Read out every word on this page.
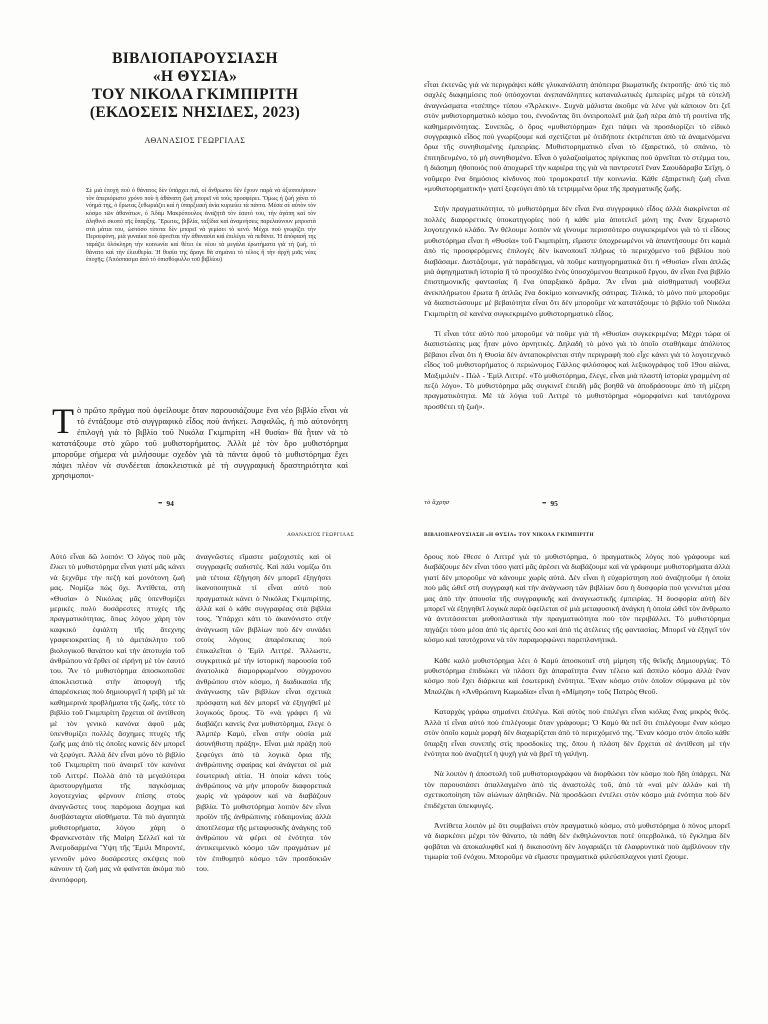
ΒΙΒΛΙΟΠΑΡΟΥΣΙΑΣΗ
«Η ΘΥΣΙΑ»
ΤΟΥ ΝΙΚΟΛΑ ΓΚΙΜΠΙΡΙΤΗ
(ΕΚΔΟΣΕΙΣ ΝΗΣΙΔΕΣ, 2023)
ΑΘΑΝΑΣΙΟΣ ΓΕΩΡΓΙΛΑΣ

Σὲ μιὰ ἐποχὴ ποὺ ὁ θάνατος δὲν ὑπάρχει πιά, οἱ ἄνθρωποι δὲν ἔχουν παρὰ νὰ ἀξιοποιήσουν τὸν ἀπεριόριστο χρόνο ποὺ ἡ ἀθάνατη ζωὴ μπορεῖ νὰ τοὺς προσφέρει. Ὅμως ἡ ζωὴ χάνει τὸ νόημά της, ὁ ἔρωτας ξεθωριάζει καὶ ἡ ὑπαρξιακὴ ἀνία κυριεύει τὰ πάντα. Μέσα σὲ αὐτὸν τὸν κόσμο τῶν ἀθανάτων, ὁ Ἀδὰμ Μακρόπουλος ἀναζητᾶ τὸν ἑαυτό του, τὴν ἀγάπη καὶ τὸν ἀληθινὸ σκοπὸ τῆς ὕπαρξης. Ἔρωτες, βιβλία, ταξίδια καὶ ἀναμνήσεις παρελαύνουν μπροστὰ στὰ μάτια του, ὡστόσο τίποτα δὲν μπορεῖ νὰ γεμίσει τὸ κενό. Μέχρι ποὺ γνωρίζει τὴν Περσεφόνη, μιὰ γυναίκα ποὺ ἀρνεῖται τὴν ἀθανασία καὶ ἐπιλέγει νὰ πεθάνει. Ἡ ἀπόφασή της ταράζει ὁλόκληρη τὴν κοινωνία καὶ θέτει ἐκ νέου τὰ μεγάλα ἐρωτήματα γιὰ τὴ ζωή, τὸ θάνατο καὶ τὴν ἐλευθερία. Ἡ θυσία της ἄραγε θὰ σημάνει τὸ τέλος ἢ τὴν ἀρχὴ μιᾶς νέας ἐποχῆς; (Ἀπόσπασμα ἀπὸ τὸ ὀπισθόφυλλο τοῦ βιβλίου)

Τὸ πρῶτο πρᾶγμα ποὺ ὀφείλουμε ὅταν παρουσιάζουμε ἕνα νέο βιβλίο εἶναι νὰ τὸ ἐντάξουμε στὸ συγγραφικὸ εἶδος ποὺ ἀνήκει. Ἀσφαλῶς, ἡ πιὸ αὐτονόητη ἐπιλογὴ γιὰ τὸ βιβλίο τοῦ Νικόλα Γκιμπιρίτη «Η θυσία» θὰ ἦταν νὰ τὸ κατατάξουμε στὸ χῶρο τοῦ μυθιστορήματος. Ἀλλὰ μὲ τὸν ὅρο μυθιστόρημα μποροῦμε σήμερα νὰ μιλήσουμε σχεδὸν γιὰ τὰ πάντα ἀφοῦ τὸ μυθιστόρημα ἔχει πάψει πλέον νὰ συνδέεται ἀποκλειστικὰ μὲ τὴ συγγραφικὴ δραστηριότητα καὶ χρησιμοποι-

••• 94

εἶται ἐκτενῶς γιὰ νὰ περιγράψει κάθε γλυκανάλατη ἀπόπειρα βιωματικῆς ἐκτροπῆς· ἀπὸ τὶς πιὸ σαχλὲς διαφημίσεις ποὺ ὑπόσχονται ἀνεπανάληπτες καταναλωτικὲς ἐμπειρίες μέχρι τὰ εὐτελῆ ἀναγνώσματα «τσέπης» τύπου «Ἅρλεκιν». Συχνὰ μάλιστα ἀκοῦμε νὰ λένε γιὰ κάποιον ὅτι ζεῖ στὸν μυθιστορηματικὸ κόσμο του, ἐννοῶντας ὅτι ὀνειροπολεῖ μιὰ ζωὴ πέρα ἀπὸ τὴ ρουτίνα τῆς καθημερινότητας. Συνεπῶς, ὁ ὅρος «μυθιστόρημα» ἔχει πάψει νὰ προσδιορίζει τὸ εἰδικὸ συγγραφικὸ εἶδος ποὺ γνωρίζουμε καὶ σχετίζεται μὲ ὁτιδήποτε ἐκτρέπεται ἀπὸ τὰ ἀναμενόμενα ὅρια τῆς συνηθισμένης ἐμπειρίας. Μυθιστορηματικὸ εἶναι τὸ ἐξαιρετικό, τὸ σπάνιο, τὸ ἐπιτηδευμένο, τὸ μὴ συνηθισμένο. Εἶναι ὁ γαλαζοαίματος πρίγκιπας ποὺ ἀρνεῖται τὸ στέμμα του, ἡ διάσημη ἠθοποιὸς ποὺ ἀποχωρεῖ τὴν καριέρα της γιὰ νὰ παντρευτεῖ ἕναν Σαουδάραβα Σεΐχη, ὁ νοῦμερο ἕνα δημόσιος κίνδυνος ποὺ τρομοκρατεῖ τὴν κοινωνία. Κάθε ἐξαιρετικὴ ζωὴ εἶναι «μυθιστορηματική» γιατί ξεφεύγει ἀπὸ τὰ τετριμμένα ὅρια τῆς πραγματικῆς ζωῆς.

Στὴν πραγματικότητα, τὸ μυθιστόρημα δὲν εἶναι ἕνα συγγραφικὸ εἶδος ἀλλὰ διακρίνεται σὲ πολλὲς διαφορετικὲς ὑποκατηγορίες ποὺ ἡ κάθε μία ἀποτελεῖ μόνη της ἕναν ξεχωριστὸ λογοτεχνικὸ κλάδο. Ἂν θέλουμε λοιπὸν νὰ γίνουμε περισσότερο συγκεκριμένοι γιὰ τὸ τί εἶδους μυθιστόρημα εἶναι ἡ «Θυσία» τοῦ Γκιμπιρίτη, εἴμαστε ὑποχρεωμένοι νὰ ἀπαντήσουμε ὅτι καμιὰ ἀπὸ τὶς προσφερόμενες ἐπιλογὲς δὲν ἱκανοποιεῖ πλήρως τὸ περιεχόμενο τοῦ βιβλίου ποὺ διαβάσαμε. Διστάζουμε, γιὰ παράδειγμα, νὰ ποῦμε κατηγορηματικὰ ὅτι ἡ «Θυσία» εἶναι ἁπλῶς μιὰ ἀφηγηματικὴ ἱστορία ἢ τὸ προσχέδιο ἑνὸς ὑποσχόμενου θεατρικοῦ ἔργου, ἂν εἶναι ἕνα βιβλίο ἐπιστημονικῆς φαντασίας ἢ ἕνα ὑπαρξιακὸ δρᾶμα. Ἂν εἶναι μιὰ αἰσθηματικὴ νουβέλα ἀνεκπλήρωτου ἔρωτα ἢ ἁπλῶς ἕνα δοκίμιο κοινωνικῆς σάτιρας. Τελικά, τὸ μόνο ποὺ μποροῦμε νὰ διαπιστώσουμε μὲ βεβαιότητα εἶναι ὅτι δὲν μποροῦμε νὰ κατατάξουμε τὸ βιβλίο τοῦ Νικόλα Γκιμπιρίτη σὲ κανένα συγκεκριμένο μυθιστορηματικὸ εἶδος.

Τί εἶναι τότε αὐτὸ ποὺ μποροῦμε νὰ ποῦμε γιὰ τὴ «Θυσία» συγκεκριμένα; Μέχρι τώρα οἱ διαπιστώσεις μας ἦταν μόνο ἀρνητικές. Δηλαδὴ τὸ μόνο γιὰ τὸ ὁποῖο σταθήκαμε ἀπόλυτος βέβαιοι εἶναι ὅτι ἡ Θυσία δὲν ἀνταποκρίνεται στὴν περιγραφὴ ποὺ εἶχε κάνει γιὰ τὸ λογοτεχνικὸ εἶδος τοῦ μυθιστορήματος ὁ περιώνυμος Γάλλος φιλόσοφος καὶ λεξικογράφος τοῦ 19ου αἰώνα, Μαξιμιλιὲν - Πὼλ - Ἐμὶλ Λιττρέ. «Τὸ μυθιστόρημα, ἔλεγε, εἶναι μιὰ πλαστὴ ἱστορία γραμμένη σὲ πεζὸ λόγο». Τὸ μυθιστόρημα μᾶς συγκινεῖ ἐπειδὴ μᾶς βοηθᾶ νὰ ἀποδράσουμε ἀπὸ τὴ μίζερη πραγματικότητα. Μὲ τὰ λόγια τοῦ Λιττρὲ τὸ μυθιστόρημα «ὁμορφαίνει καὶ ταυτόχρονα προσθέτει τὴ ζωή».

τὸ ἄχρησ	••• 95
ΑΘΑΝΑΣΙΟΣ ΓΕΩΡΓΙΛΑΣ

Αὐτὸ εἶναι δῶ λοιπόν: Ὁ λόγος ποὺ μᾶς ἕλκει τὸ μυθιστόρημα εἶναι γιατί μᾶς κάνει νὰ ξεχνᾶμε τὴν πεζὴ καὶ μονότονη ζωή μας. Νομίζω πὼς ὄχι. Ἀντίθετα, στὴ «Θυσία» ὁ Νικόλας μᾶς ὑπενθυμίζει μερικὲς πολὺ δυσάρεστες πτυχὲς τῆς πραγματικότητας, ὅπως λόγου χάρη τὸν καφκικὸ ἐφιάλτη τῆς ἄτεχνης γραφειοκρατίας ἢ τὸ ἀμετάκλητο τοῦ βιολογικοῦ θανάτου καὶ τὴν ἀποτυχία τοῦ ἀνθρώπου νὰ ἔρθει σὲ εἰρήνη μὲ τὸν ἑαυτό του. Ἂν τὸ μυθιστόρημα ἀποσκοποῦσε ἀποκλειστικὰ στὴν ἀποφυγὴ τῆς ἀπαρέσκειας ποὺ δημιουργεῖ ἡ τριβὴ μὲ τὰ καθημερινὰ προβλήματα τῆς ζωῆς, τότε τὸ βιβλίο τοῦ Γκιμπιρίτη ἔρχεται σὲ ἀντίθεση μὲ τὸν γενικὸ κανόνα ἀφοῦ μᾶς ὑπενθυμίζει πολλὲς ἄσχημες πτυχὲς τῆς ζωῆς μας ἀπὸ τὶς ὁποῖες κανεὶς δὲν μπορεῖ νὰ ξεφύγει. Ἀλλὰ δὲν εἶναι μόνο τὸ βιβλίο τοῦ Γκιμπιρίτη ποὺ ἀναιρεῖ τὸν κανόνα τοῦ Λιττρέ. Πολλὰ ἀπὸ τὰ μεγαλύτερα ἀριστουργήματα τῆς παγκόσμιας λογοτεχνίας φέρνουν ἐπίσης στοὺς ἀναγνῶστες τους παρόμοια ἄσχημα καὶ δυσβάσταχτα αἰσθήματα. Τὰ πιὸ ἀγαπητὰ μυθιστορήματα, λόγου χάρη ὁ Φρανκενστάιν τῆς Μαίρη Σέλλεϊ καὶ τὰ Ἀνεμοδαρμένα Ὕψη τῆς Ἔμιλι Μπροντέ, γεννοῦν μόνο δυσάρεστες σκέψεις ποὺ κάνουν τὴ ζωή μας νὰ φαίνεται ἀκόμα πιὸ ἀνυπόφορη.

ἀναγνῶστες εἴμαστε μαζοχιστὲς καὶ οἱ συγγραφεῖς σαδιστές. Καὶ πάλι νομίζω ὅτι μιὰ τέτοια ἐξήγηση δὲν μπορεῖ ἐξηγήσει ἱκανοποιητικὰ τί εἶναι αὐτὸ ποὺ πραγματικὰ κάνει ὁ Νικόλας Γκιμπιρίτης, ἀλλὰ καὶ ὁ κάθε συγγραφέας στὰ βιβλία τους. Ὑπάρχει κάτι τὸ ἀκανόνιστο στὴν ἀνάγνωση τῶν βιβλίων ποὺ δὲν συνάδει στοὺς λόγους ἀπαρέσκειας ποὺ ἐπικαλεῖται ὁ Ἐμὶλ Λιττρέ. Ἄλλωστε, συγκριτικὰ μὲ τὴν ἱστορικὴ παρουσία τοῦ ἀνατολικὰ διαμορφωμένου σύγχρονου ἀνθρώπου στὸν κόσμο, ἡ διαδικασία τῆς ἀνάγνωσης τῶν βιβλίων εἶναι σχετικὰ πρόσφατη καὶ δὲν μπορεῖ νὰ ἐξηγηθεῖ μὲ λογικοὺς ὅρους. Τὸ «νὰ γράφει ἢ νὰ διαβάζει κανεὶς ἕνα μυθιστόρημα, ἔλεγε ὁ Ἀλμπὲρ Καμύ, εἶναι στὴν οὐσία μιὰ ἀσυνήθιστη πράξη». Εἶναι μιὰ πράξη ποὺ ξεφεύγει ἀπὸ τὰ λογικὰ ὅρια τῆς ἀνθρώπινης σφαίρας καὶ ἀνάγεται σὲ μιὰ ἐσωτερικὴ αἰτία. Ἡ ὁποία κάνει τοὺς ἀνθρώπους νὰ μὴν μποροῦν διαφορετικὰ χωρὶς νὰ γράφουν καὶ νὰ διαβάζουν βιβλία. Τὸ μυθιστόρημα λοιπὸν δὲν εἶναι προϊὸν τῆς ἀνθρώπινης εὐδαιμονίας ἀλλὰ ἀποτέλεσμα τῆς μεταφυσικῆς ἀνάγκης τοῦ ἀνθρώπου νὰ φέρει σὲ ἑνότητα τὸν ἀντικειμενικὸ κόσμο τῶν πραγμάτων μὲ τὸν ἐπιθυμητὸ κόσμο τῶν προσδοκιῶν του.

ΒΙΒΛΙΟΠΑΡΟΥΣΙΑΣΗ «Η ΘΥΣΙΑ» ΤΟΥ ΝΙΚΟΛΑ ΓΚΙΜΠΙΡΙΤΗ

ὅρους ποὺ ἔθεσε ὁ Λιττρέ γιὰ τὸ μυθιστόρημα, ὁ πραγματικὸς λόγος ποὺ γράφουμε καὶ διαβάζουμε δὲν εἶναι τόσο γιατί μᾶς ἀρέσει νὰ διαβάζουμε καὶ νὰ γράφουμε μυθιστορήματα ἀλλὰ γιατί δὲν μποροῦμε νὰ κάνουμε χωρὶς αὐτά. Δὲν εἶναι ἡ εὐχαρίστηση ποὺ ἀναζητοῦμε ἡ ὁποία ποὺ μᾶς ὠθεῖ στὴ συγγραφὴ καὶ τὴν ἀνάγνωση τῶν βιβλίων ὅσο ἡ δυσφορία ποὺ γεννιέται μέσα μας ἀπὸ τὴν ἀπουσία τῆς συγγραφικῆς καὶ ἀναγνωστικῆς ἐμπειρίας. Ἡ δυσφορία αὐτὴ δὲν μπορεῖ νὰ ἐξηγηθεῖ λογικὰ παρὰ ὀφείλεται σὲ μιὰ μεταφυσικὴ ἀνάγκη ἡ ὁποία ὠθεῖ τὸν ἄνθρωπο νὰ ἀντιτάσσεται μυθοπλαστικὰ τὴν πραγματικότητα ποὺ τὸν περιβάλλει. Τὸ μυθιστόρημα πηγάζει τόσο μέσα ἀπὸ τὶς ἀρετὲς ὅσο καὶ ἀπὸ τὶς ἀτέλειες τῆς φαντασίας. Μπορεῖ νὰ ἐξηγεῖ τὸν κόσμο καὶ ταυτόχρονα νὰ τὸν παραμορφώνει παρεπλανητικά.

Κάθε καλὸ μυθιστόρημα λέει ὁ Καμὺ ἀποσκοπεῖ στὴ μίμηση τῆς θεϊκῆς Δημιουργίας. Τὸ μυθιστόρημα ἐπιδιώκει νὰ πλάσει ὅχι ἀπαραίτητα ἕναν τέλειο καὶ ἄσπιλο κόσμο ἀλλὰ ἕναν κόσμο ποὺ ἔχει διάρκεια καὶ ἐσωτερικὴ ἑνότητα. Ἕναν κόσμο στὸν ὁποῖον σύμφωνα μὲ τὸν Μπαλζὰκ ἡ «Ἀνθρώπινη Κωμωδία» εἶναι ἡ «Μίμηση» τοῦς Πατρὸς Θεοῦ.

Καταρχὰς γράφω σημαίνει ἐπιλέγω. Καὶ αὐτὸς ποὺ ἐπιλέγει εἶναι κιόλας ἕνας μικρὸς θεός. Ἀλλὰ τί εἶναι αὐτὸ ποὺ ἐπιλέγουμε ὅταν γράφουμε; Ὁ Καμὺ θὰ πεῖ ὅτι ἐπιλέγουμε ἕναν κόσμο στὸν ὁποῖο καμιὰ μορφὴ δὲν διαχωρίζεται ἀπὸ τὸ περιεχόμενό της. Ἕναν κόσμο στὸν ὁποῖο κάθε ὕπαρξη εἶναι συνεπὴς στὶς προσδοκίες της, ὅπου ἡ πλάση δὲν ἔρχεται σὲ ἀντίθεση μὲ τὴν ἑνότητα ποὺ ἀναζητεῖ ἡ ψυχὴ γιὰ νὰ βρεῖ τὴ γαλήνη.

Νὰ λοιπὸν ἡ ἀποστολὴ τοῦ μυθιστοριογράφου νὰ διορθώσει τὸν κόσμο ποὺ ἤδη ὑπάρχει. Νὰ τὸν παρουσιάσει ἀπαλλαγμένο ἀπὸ τὶς ἀναστολὲς τοῦ, ἀπὸ τὰ «ναὶ μὲν ἀλλά» καὶ τὴ σχετικοποίηση τῶν αἰώνιων ἀληθειῶν. Νὰ προσδώσει ἐντέλει στὸν κόσμο μιὰ ἑνότητα ποὺ δὲν ἐπιδέχεται ὑπεκφυγές.

Ἀντίθετα λοιπὸν μὲ ὅτι συμβαίνει στὸν πραγματικὸ κόσμο, στὸ μυθιστόρημα ὁ πόνος μπορεῖ νὰ διαρκέσει μέχρι τὸν θάνατο, τὰ πάθη δὲν ἐκθηλώνονται ποτὲ ὑπερβολικά, τὸ ἔγκλημα δὲν φοβᾶται νὰ ἀποκαλυφθεῖ καὶ ἡ δικαιοσύνη δὲν λογαριάζει τὰ ἐλαφρυντικὰ ποὺ ἀμβλύνουν τὴν τιμωρία τοῦ ἐνόχου. Μποροῦμε νὰ εἴμαστε πραγματικὰ φιλεύσπλαχνοι γιατί ἔχουμε.
